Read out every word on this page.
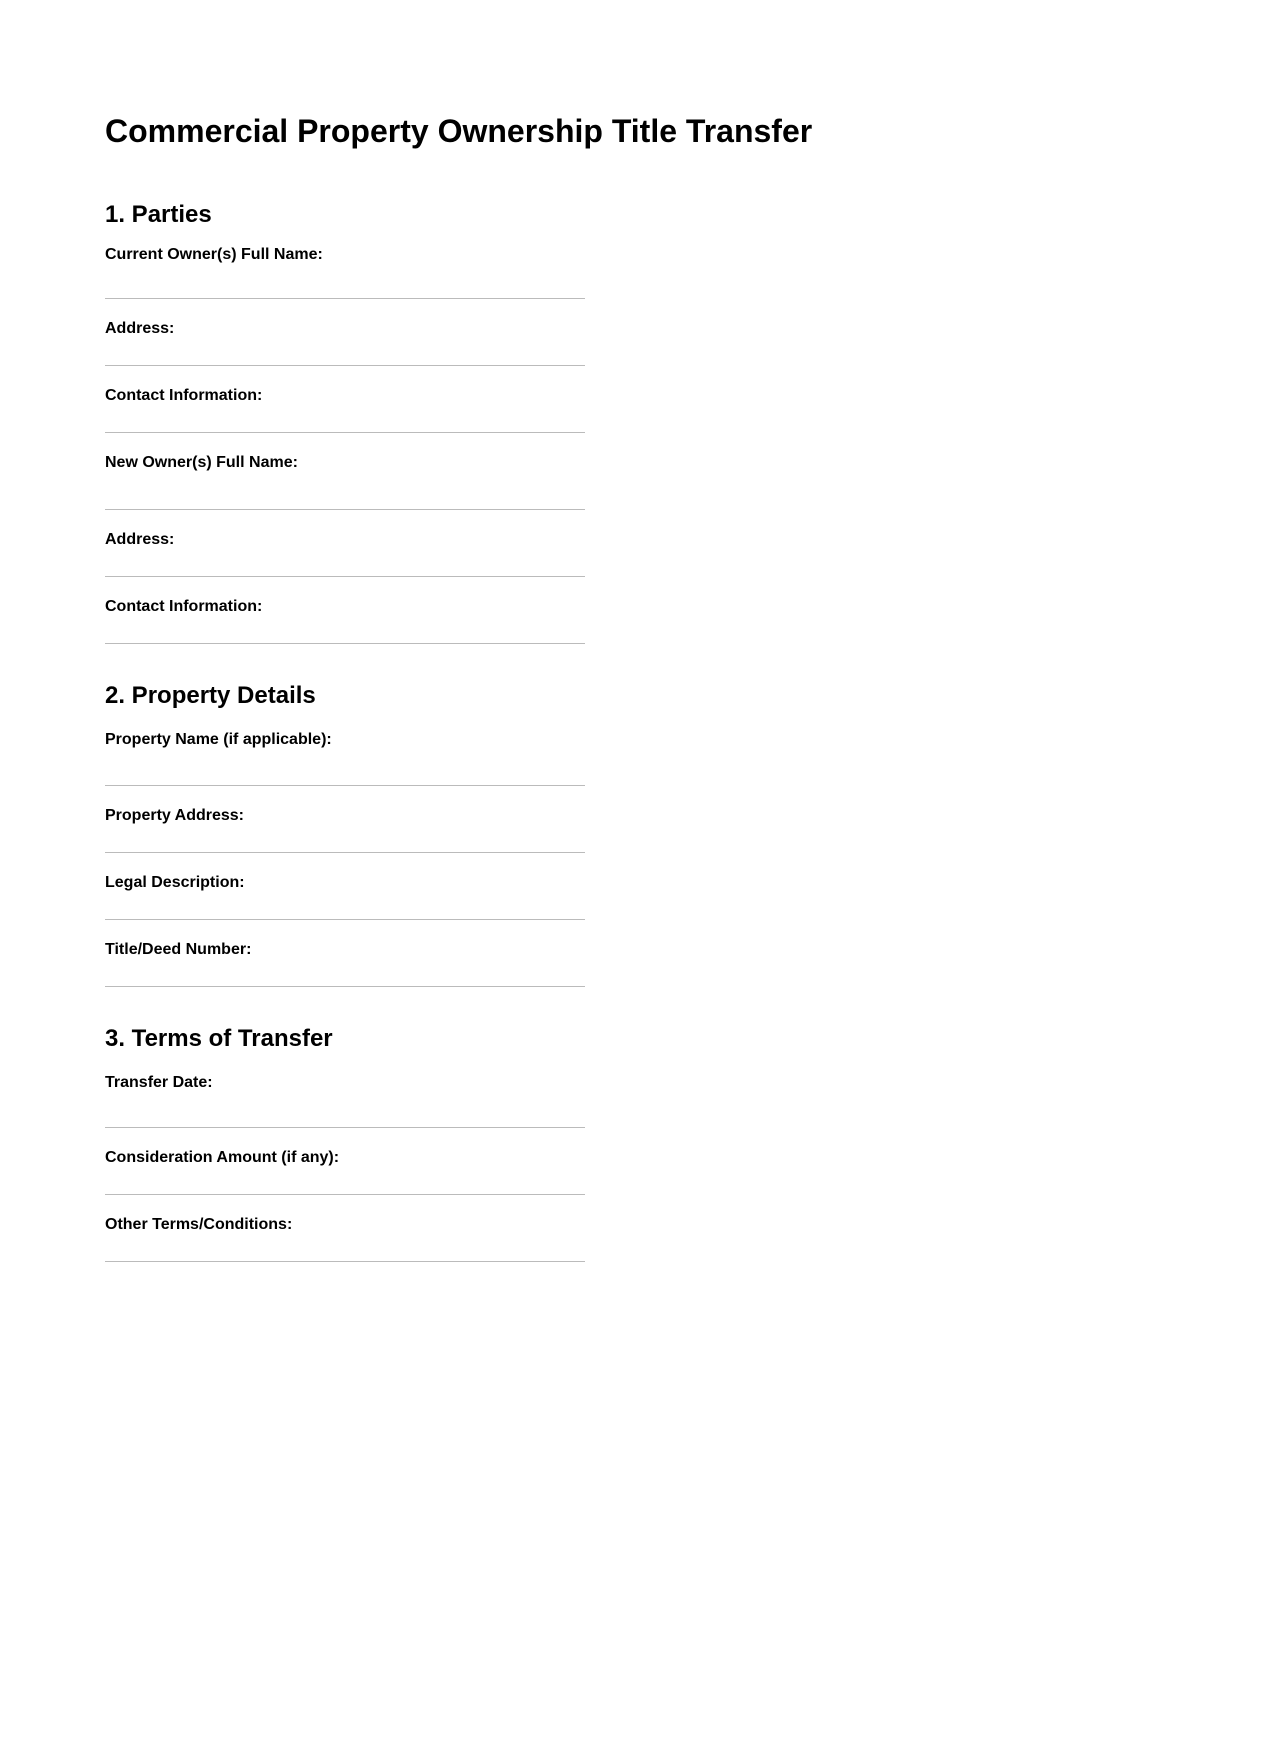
Commercial Property Ownership Title Transfer
1. Parties
Current Owner(s) Full Name:
Address:
Contact Information:
New Owner(s) Full Name:
Address:
Contact Information:
2. Property Details
Property Name (if applicable):
Property Address:
Legal Description:
Title/Deed Number:
3. Terms of Transfer
Transfer Date:
Consideration Amount (if any):
Other Terms/Conditions:
